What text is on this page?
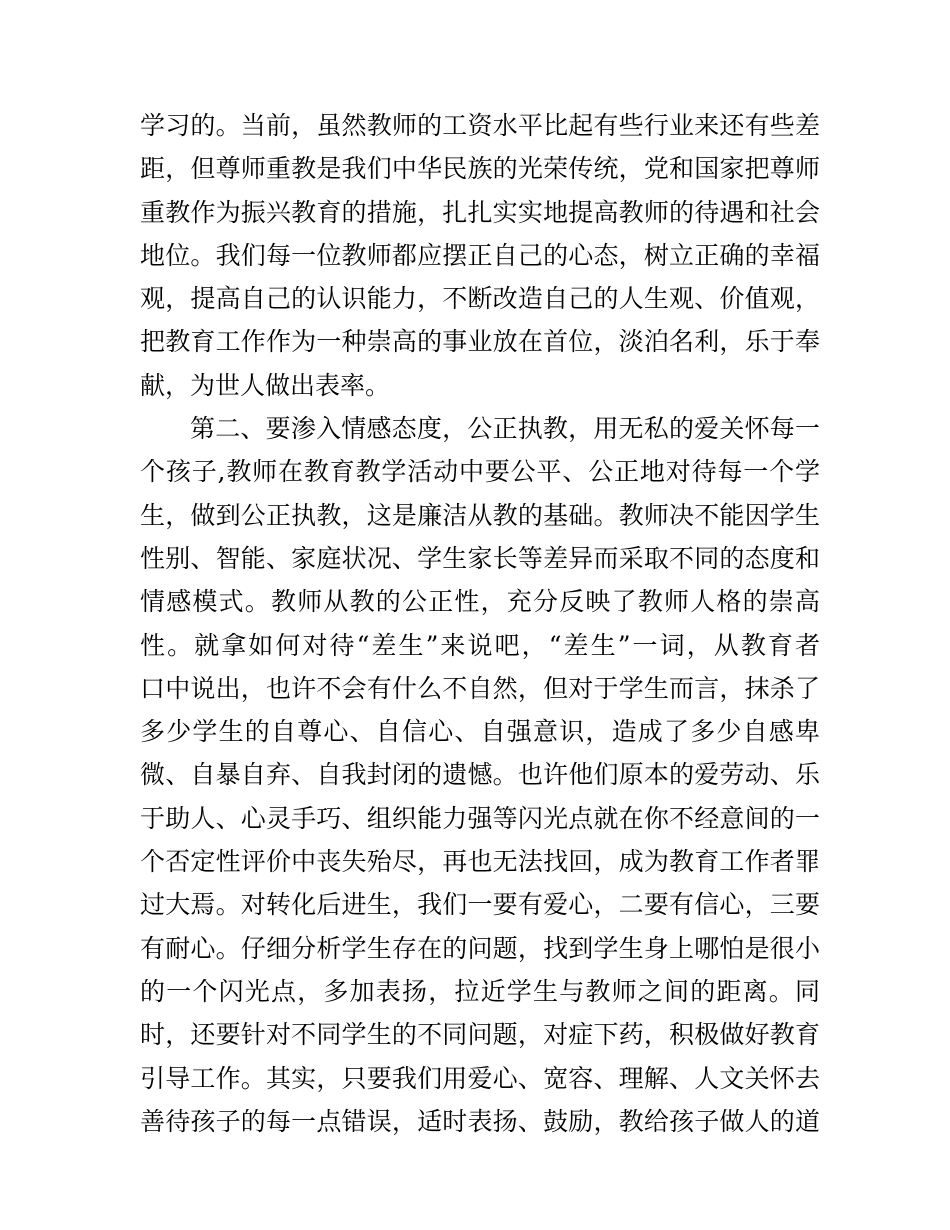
学习的。当前，虽然教师的工资水平比起有些行业来还有些差
距，但尊师重教是我们中华民族的光荣传统，党和国家把尊师
重教作为振兴教育的措施，扎扎实实地提高教师的待遇和社会
地位。我们每一位教师都应摆正自己的心态，树立正确的幸福
观，提高自己的认识能力，不断改造自己的人生观、价值观，
把教育工作作为一种崇高的事业放在首位，淡泊名利，乐于奉
献，为世人做出表率。
第二、要渗入情感态度，公正执教，用无私的爱关怀每一
个孩子,教师在教育教学活动中要公平、公正地对待每一个学
生，做到公正执教，这是廉洁从教的基础。教师决不能因学生
性别、智能、家庭状况、学生家长等差异而采取不同的态度和
情感模式。教师从教的公正性，充分反映了教师人格的崇高
性。就拿如何对待“差生”来说吧，“差生”一词，从教育者
口中说出，也许不会有什么不自然，但对于学生而言，抹杀了
多少学生的自尊心、自信心、自强意识，造成了多少自感卑
微、自暴自弃、自我封闭的遗憾。也许他们原本的爱劳动、乐
于助人、心灵手巧、组织能力强等闪光点就在你不经意间的一
个否定性评价中丧失殆尽，再也无法找回，成为教育工作者罪
过大焉。对转化后进生，我们一要有爱心，二要有信心，三要
有耐心。仔细分析学生存在的问题，找到学生身上哪怕是很小
的一个闪光点，多加表扬，拉近学生与教师之间的距离。同
时，还要针对不同学生的不同问题，对症下药，积极做好教育
引导工作。其实，只要我们用爱心、宽容、理解、人文关怀去
善待孩子的每一点错误，适时表扬、鼓励，教给孩子做人的道
